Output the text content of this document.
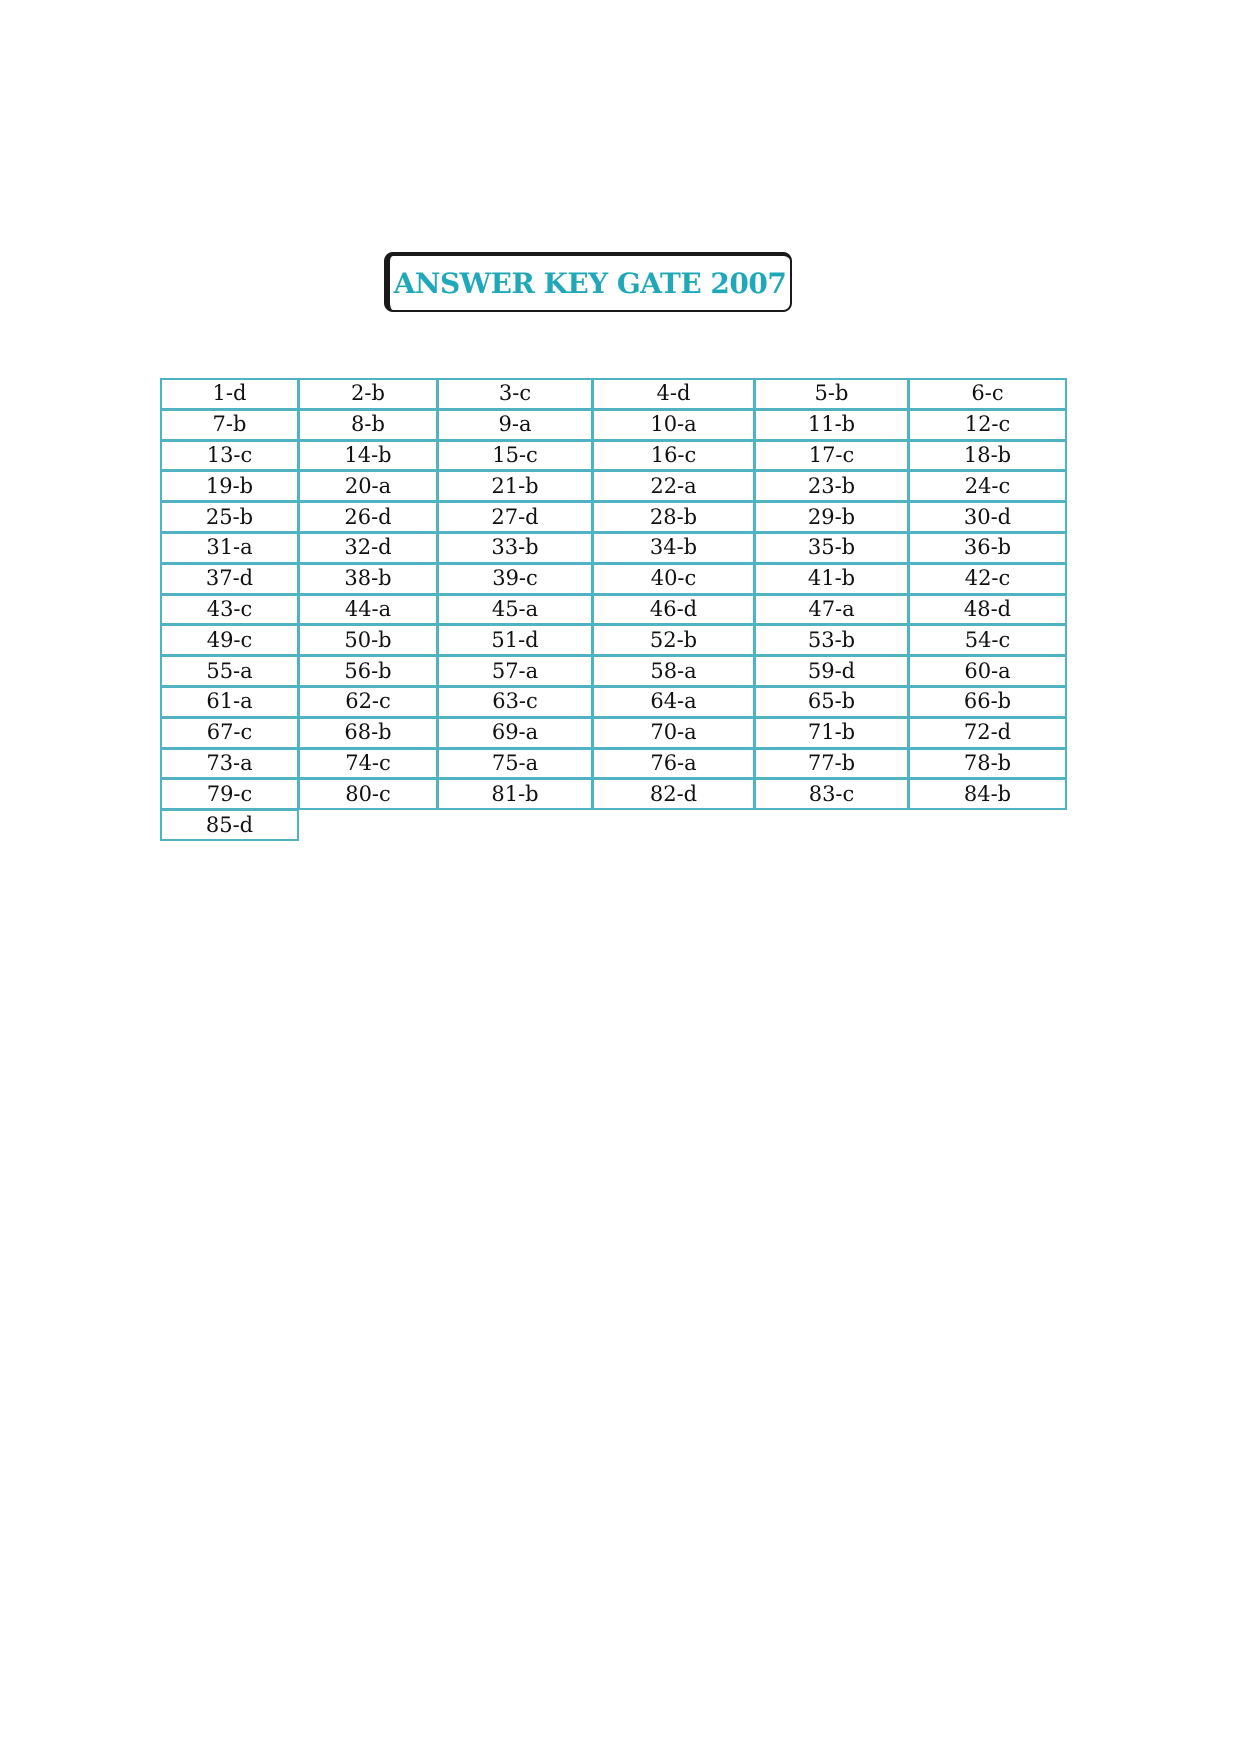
ANSWER KEY GATE 2007
1-d	2-b	3-c	4-d	5-b	6-c
7-b	8-b	9-a	10-a	11-b	12-c
13-c	14-b	15-c	16-c	17-c	18-b
19-b	20-a	21-b	22-a	23-b	24-c
25-b	26-d	27-d	28-b	29-b	30-d
31-a	32-d	33-b	34-b	35-b	36-b
37-d	38-b	39-c	40-c	41-b	42-c
43-c	44-a	45-a	46-d	47-a	48-d
49-c	50-b	51-d	52-b	53-b	54-c
55-a	56-b	57-a	58-a	59-d	60-a
61-a	62-c	63-c	64-a	65-b	66-b
67-c	68-b	69-a	70-a	71-b	72-d
73-a	74-c	75-a	76-a	77-b	78-b
79-c	80-c	81-b	82-d	83-c	84-b
85-d
